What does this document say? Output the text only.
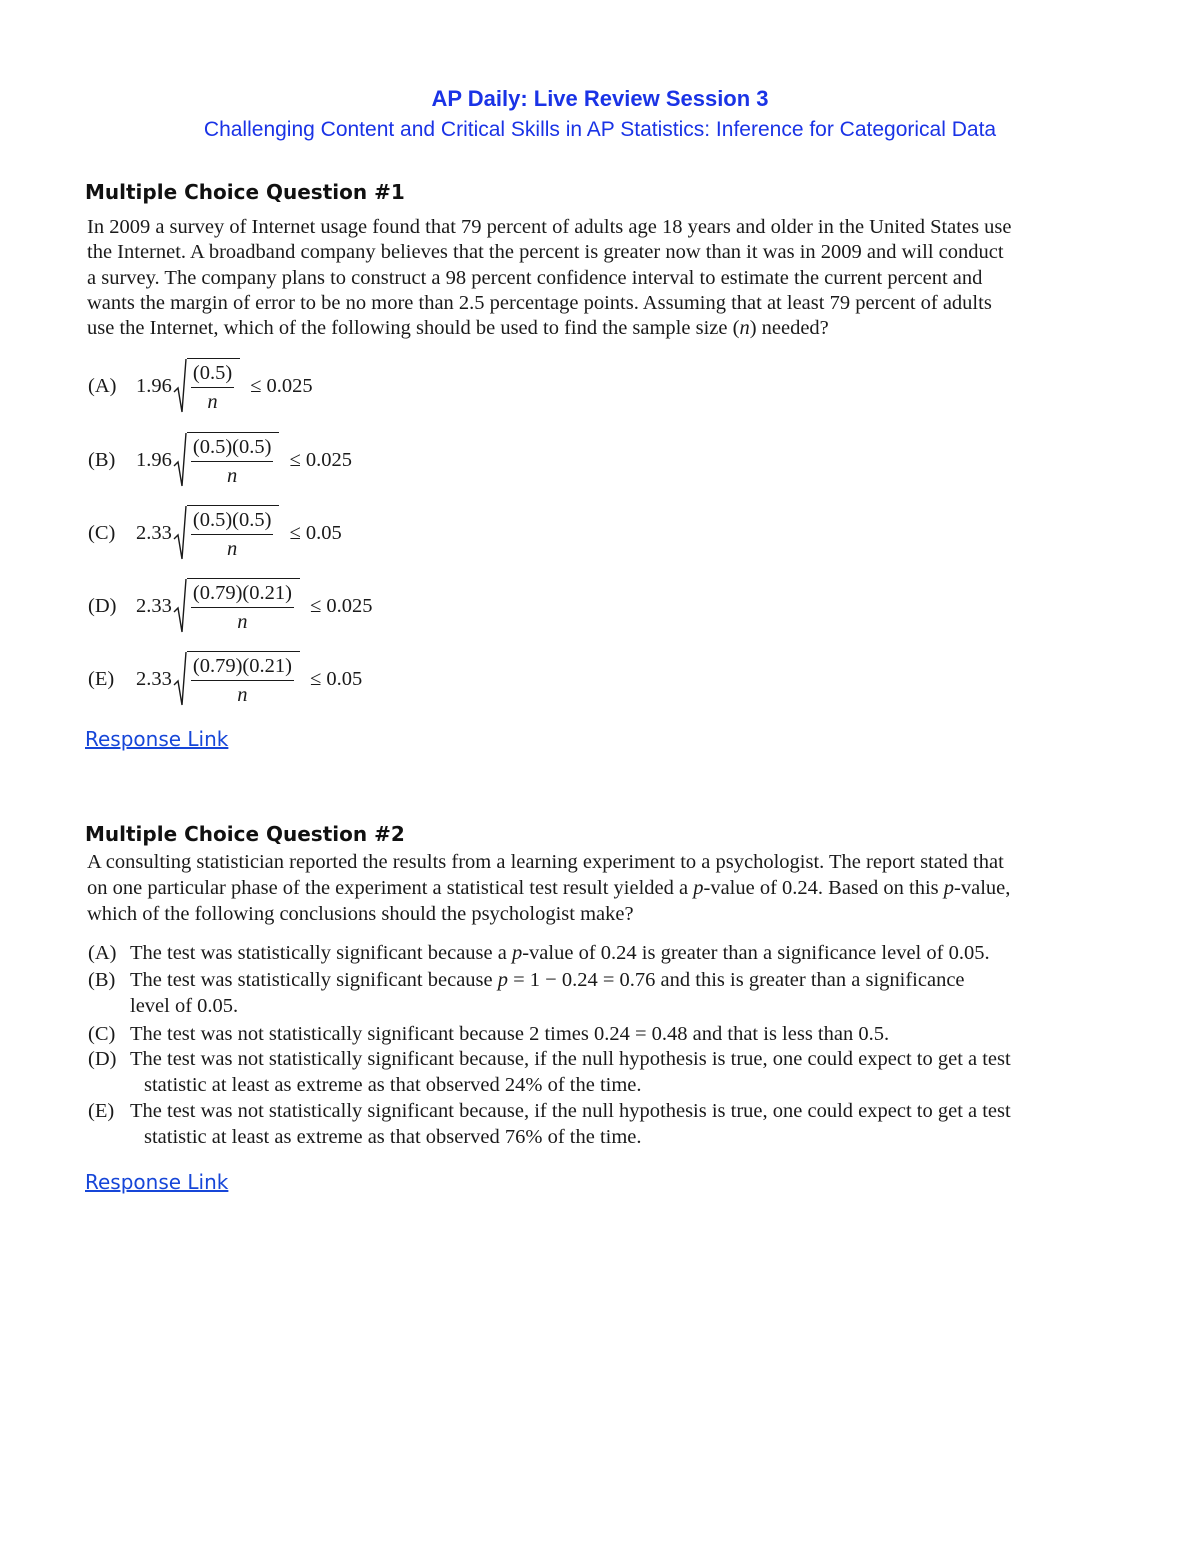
AP Daily: Live Review Session 3
Challenging Content and Critical Skills in AP Statistics: Inference for Categorical Data
Multiple Choice Question #1
In 2009 a survey of Internet usage found that 79 percent of adults age 18 years and older in the United States use
the Internet. A broadband company believes that the percent is greater now than it was in 2009 and will conduct
a survey. The company plans to construct a 98 percent confidence interval to estimate the current percent and
wants the margin of error to be no more than 2.5 percentage points. Assuming that at least 79 percent of adults
use the Internet, which of the following should be used to find the sample size (n) needed?
(A) $1.96 \frac{(0.5)}{n} \le 0.025$
(B)	$1.96 \frac{(0.5)(0.5)}{n} \le 0.025$
(C)	$2.33 \frac{(0.5)(0.5)}{n} \le 0.05$
(D) $2.33 \frac{(0.79)(0.21)}{n} \le 0.025$
(E)	$2.33 \frac{(0.79)(0.21)}{n} \le 0.05$
Response Link
Multiple Choice Question #2
A consulting statistician reported the results from a learning experiment to a psychologist. The report stated that
on one particular phase of the experiment a statistical test result yielded a p-value of 0.24. Based on this p-value,
which of the following conclusions should the psychologist make?
(A) The test was statistically significant because a p-value of 0.24 is greater than a significance level of 0.05.
(B) The test was statistically significant because p = 1 − 0.24 = 0.76 and this is greater than a significance
level of 0.05.
(C) The test was not statistically significant because 2 times 0.24 = 0.48 and that is less than 0.5.
(D) The test was not statistically significant because, if the null hypothesis is true, one could expect to get a test
statistic at least as extreme as that observed 24% of the time.
(E) The test was not statistically significant because, if the null hypothesis is true, one could expect to get a test
statistic at least as extreme as that observed 76% of the time.
Response Link
